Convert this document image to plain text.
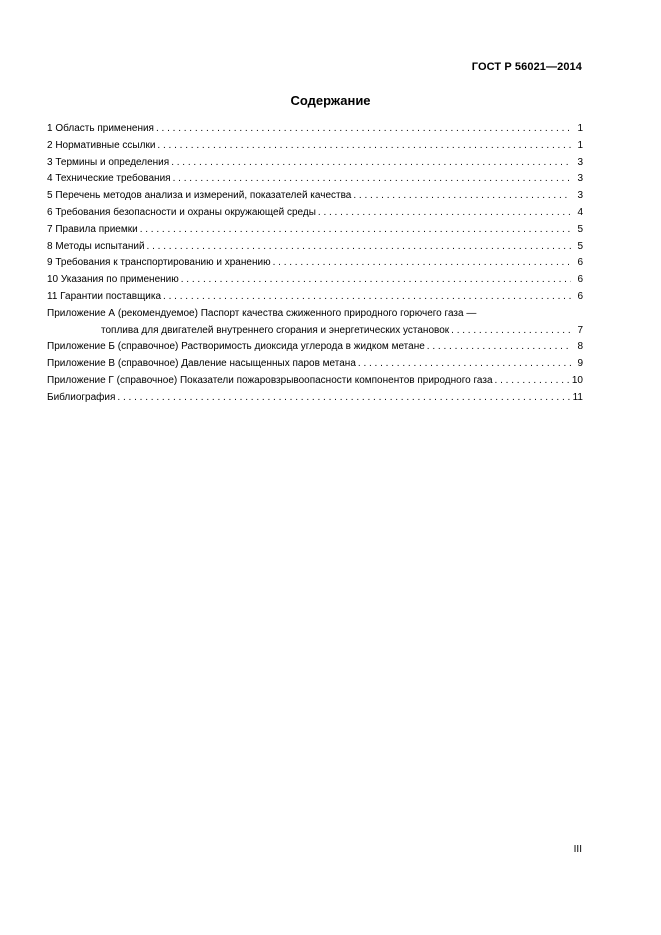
ГОСТ Р 56021—2014
Содержание
1 Область применения . . .	1
2 Нормативные ссылки . . .	1
3 Термины и определения . . .	3
4 Технические требования . . .	3
5 Перечень методов анализа и измерений, показателей качества . . .	3
6 Требования безопасности и охраны окружающей среды . . .	4
7 Правила приемки . . .	5
8 Методы испытаний . . .	5
9 Требования к транспортированию и хранению . . .	6
10 Указания по применению . . .	6
11 Гарантии поставщика . . .	6
Приложение А (рекомендуемое) Паспорт качества сжиженного природного горючего газа —
топлива для двигателей внутреннего сгорания и энергетических установок . . .	7
Приложение Б (справочное) Растворимость диоксида углерода в жидком метане . . .	8
Приложение В (справочное) Давление насыщенных паров метана . . .	9
Приложение Г (справочное) Показатели пожаровзрывоопасности компонентов природного газа . . .	10
Библиография . . .	11
III
